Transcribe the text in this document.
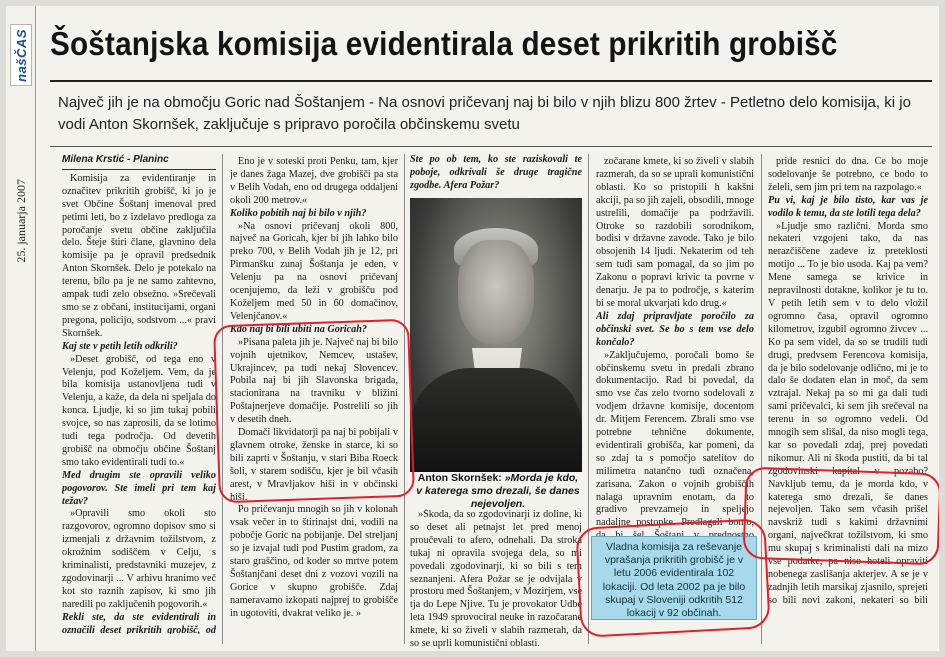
našČAS
25. januarja 2007
Šoštanjska komisija evidentirala deset prikritih grobišč

Največ jih je na območju Goric nad Šoštanjem - Na osnovi pričevanj naj bi bilo v njih blizu 800 žrtev - Petletno delo komisija, ki jo vodi Anton Skornšek, zaključuje s pripravo poročila občinskemu svetu

Milena Krstić - Planinc

Komisija za evidentiranje in označitev prikritih grobišč, ki jo je svet Občine Šoštanj imenoval pred petimi leti, bo z izdelavo predloga za poročanje svetu občine zaključila delo. Šteje štiri člane, glavnino dela komisije pa je opravil predsednik Anton Skornšek. Delo je potekalo na terenu, bilo pa je ne samo zahtevno, ampak tudi zelo obsežno. »Srečevali smo se z občani, institucijami, organi pregona, policijo, sodstvom ...« pravi Skornšek.

Kaj ste v petih letih odkrili?

»Deset grobišč, od tega eno v Velenju, pod Koželjem. Vem, da je bila komisija ustanovljena tudi v Velenju, a kaže, da dela ni speljala do konca. Ljudje, ki so jim tukaj pobili svojce, so nas zaprosili, da se lotimo tudi tega področja. Od devetih grobišč na območju občine Šoštanj smo tako evidentirali tudi to.«

Med drugim ste opravili veliko pogovorov. Ste imeli pri tem kaj težav?

»Opravili smo okoli sto razgovorov, ogromno dopisov smo si izmenjali z državnim tožilstvom, z okrožnim sodiščem v Celju, s kriminalisti, predstavniki muzejev, z zgodovinarji ... V arhivu hranimo več kot sto raznih zapisov, ki smo jih naredili po zaključenih pogovorih.«

Rekli ste, da ste evidentirali in označili deset prikritih grobišč, od

Eno je v soteski proti Penku, tam, kjer je danes žaga Mazej, dve grobišči pa sta v Belih Vodah, eno od drugega oddaljeni okoli 200 metrov.«

Koliko pobitih naj bi bilo v njih?

»Na osnovi pričevanj okoli 800, največ na Goricah, kjer bi jih lahko bilo preko 700, v Belih Vodah jih je 12, pri Pirmanšku zunaj Šoštanja je eden, v Velenju pa na osnovi pričevanj ocenjujemo, da leži v grobišču pod Koželjem med 50 in 60 domačinov, Velenjčanov.«

Kdo naj bi bili ubiti na Goricah?

»Pisana paleta jih je. Največ naj bi bilo vojnih ujetnikov, Nemcev, ustašev, Ukrajincev, pa tudi nekaj Slovencev. Pobila naj bi jih Slavonska brigada, stacionirana na travniku v bližini Poštajnerjeve domačije. Postrelili so jih v desetih dneh.

Domači likvidatorji pa naj bi pobijali v glavnem otroke, ženske in starce, ki so bili zaprti v Šoštanju, v stari Biba Roeck šoli, v starem sodišču, kjer je bil včasih arest, v Mravljakov hiši in v občinski hiši.

Po pričevanju mnogih so jih v kolonah vsak večer in to štirinajst dni, vodili na pobočje Goric na pobijanje. Del streljanj so je izvajal tudi pod Pustim gradom, za staro graščino, od koder so mrtve potem Šoštanjčani deset dni z vozovi vozili na Gorice v skupno grobišče. Zdaj nameravamo izkopati najprej to grobišče in ugotoviti, dvakrat veliko je. »

Ste po ob tem, ko ste raziskovali te poboje, odkrivali še druge tragične zgodbe. Afera Požar?

Anton Skornšek: »Morda je kdo, v katerega smo drezali, še danes nejevoljen.

»Škoda, da so zgodovinarji iz doline, ki so deset ali petnajst let pred menoj proučevali to afero, odnehali. Da stroka tukaj ni opravila svojega dela, so mi povedali zgodovinarji, ki so bili s tem seznanjeni. Afera Požar se je odvijala v prostoru med Šoštanjem, v Mozirjem, vse tja do Lepe Njive. Tu je provokator Udbe leta 1949 sprovociral neuke in razočarane kmete, ki so živeli v slabih razmerah, da so se uprli komunistični oblasti.

zočarane kmete, ki so živeli v slabih razmerah, da so se uprali komunistični oblasti. Ko so pristopili h kakšni akciji, pa so jih zajeli, obsodili, mnoge ustrelili, domačije pa podržavili. Otroke so razdobili sorodnikom, bodisi v državne zavode. Tako je bilo obsojenih 14 ljudi. Nekaterim od teh sem tudi sam pomagal, da so jim po Zakonu o popravi krivic ta povrne v denarju. Je pa to področje, s katerim bi se moral ukvarjati kdo drug.«

Ali zdaj pripravljate poročilo za občinski svet. Se bo s tem vse delo končalo?

»Zaključujemo, poročali bomo še občinskemu svetu in predali zbrano dokumentacijo. Rad bi povedal, da smo vse čas zelo tvorno sodelovali z vodjem državne komisije, docentom dr. Mitjem Ferencem. Zbrali smo vse potrebne tehnične dokumente, evidentirali grobišča, kar pomeni, da so zdaj ta s pomočjo satelitov do milimetra natančno tudi označena, zarisana. Zakon o vojnih grobiščih nalaga upravnim enotam, da to gradivo prevzamejo in speljejo nadaljne postopke. Predlagali bomo,

Vladna komisija za reševanje vprašanja prikritih grobišč je v letu 2006 evidentirala 102 lokaciji. Od leta 2002 pa je bilo skupaj v Sloveniji odkritih 512 lokacij v 92 občinah.

pride resnici do dna. Če bo moje sodelovanje še potrebno, ce bodo to želeli, sem jim pri tem na razpolago.«

Pu vi, kaj je bilo tisto, kar vas je vodilo k temu, da ste lotili tega dela?

»Ljudje smo različni. Morda smo nekateri vzgojeni tako, da nas nerazčiščene zadeve iz preteklosti motijo ... To je bio usoda. Kaj pa vem? Mene samega se krivice in nepravilnosti dotakne, kolikor je tu to. V petih letih sem v to delo vložil ogromno časa, opravil ogromno kilometrov, izgubil ogromno živcev ... Ko pa sem videl, da so se trudili tudi drugi, predvsem Ferencova komisija, da je bilo sodelovanje odlično, mi je to dalo še dodaten elan in moč, da sem vztrajal. Nekaj pa so mi ga dali tudi sami pričevalci, ki sem jih srečeval na terenu in so ogromno vedeli. Od mnogih sem slišal, da niso mogli tega, kar so povedali zdaj, prej povedati nikomur. Ali ni škoda pustiti, da bi tal zgodovinski kapital v pozabo? Navkljub temu, da je morda kdo, v katerega smo drezali, še danes nejevoljen. Tako sem včasih prišel navskriž tudi s kakimi državnimi organi, največkrat tožilstvom, ki smo mu skupaj s kriminalisti dali na mizo vse podatke, pa niso hoteli opraviti nobenega zaslišanja akterjev. A se je v zadnjih letih marsikaj zjasnilo, sprejeti so bili novi zakoni, nekateri so bili
